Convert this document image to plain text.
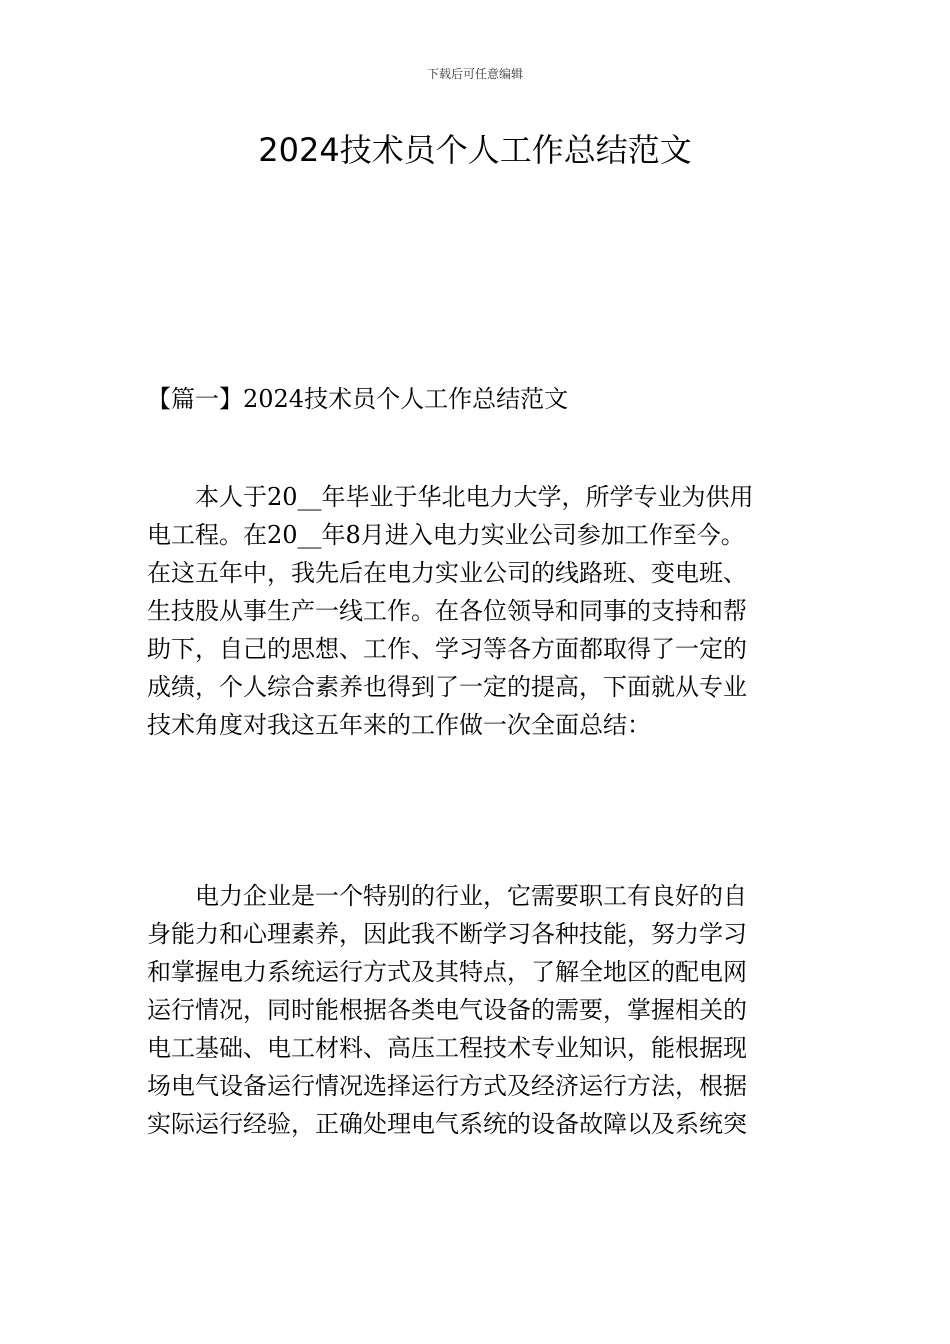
下载后可任意编辑
2024技术员个人工作总结范文

【篇一】2024技术员个人工作总结范文

　　本人于20__年毕业于华北电力大学，所学专业为供用
电工程。在20__年8月进入电力实业公司参加工作至今。
在这五年中，我先后在电力实业公司的线路班、变电班、
生技股从事生产一线工作。在各位领导和同事的支持和帮
助下，自己的思想、工作、学习等各方面都取得了一定的
成绩，个人综合素养也得到了一定的提高，下面就从专业
技术角度对我这五年来的工作做一次全面总结：
　　电力企业是一个特别的行业，它需要职工有良好的自
身能力和心理素养，因此我不断学习各种技能，努力学习
和掌握电力系统运行方式及其特点，了解全地区的配电网
运行情况，同时能根据各类电气设备的需要，掌握相关的
电工基础、电工材料、高压工程技术专业知识，能根据现
场电气设备运行情况选择运行方式及经济运行方法，根据
实际运行经验，正确处理电气系统的设备故障以及系统突
